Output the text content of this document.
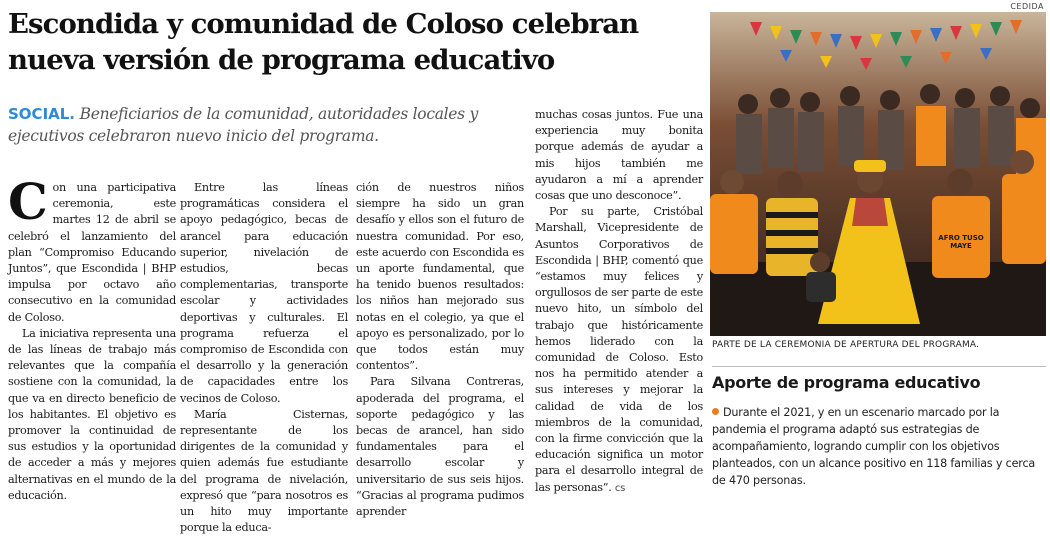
CEDIDA
Escondida y comunidad de Coloso celebran nueva versión de programa educativo
SOCIAL. Beneficiarios de la comunidad, autoridades locales y ejecutivos celebraron nuevo inicio del programa.

Con una participativa ceremonia, este martes 12 de abril se celebró el lanzamiento del plan “Compromiso Educando Juntos”, que Escondida | BHP impulsa por octavo año consecutivo en la comunidad de Coloso.

La iniciativa representa una de las líneas de trabajo más relevantes que la compañía sostiene con la comunidad, la que va en directo beneficio de los habitantes. El objetivo es promover la continuidad de sus estudios y la oportunidad de acceder a más y mejores alternativas en el mundo de la educación.

Entre las líneas programáticas considera el apoyo pedagógico, becas de arancel para educación superior, nivelación de estudios, becas complementarias, transporte escolar y actividades deportivas y culturales. El programa refuerza el compromiso de Escondida con el desarrollo y la generación de capacidades entre los vecinos de Coloso.

María Cisternas, representante de los dirigentes de la comunidad y quien además fue estudiante del programa de nivelación, expresó que “para nosotros es un hito muy importante porque la educa-

ción de nuestros niños siempre ha sido un gran desafío y ellos son el futuro de nuestra comunidad. Por eso, este acuerdo con Escondida es un aporte fundamental, que ha tenido buenos resultados: los niños han mejorado sus notas en el colegio, ya que el apoyo es personalizado, por lo que todos están muy contentos”.

Para Silvana Contreras, apoderada del programa, el soporte pedagógico y las becas de arancel, han sido fundamentales para el desarrollo escolar y universitario de sus seis hijos. “Gracias al programa pudimos aprender

muchas cosas juntos. Fue una experiencia muy bonita porque además de ayudar a mis hijos también me ayudaron a mí a aprender cosas que uno desconoce”.

Por su parte, Cristóbal Marshall, Vicepresidente de Asuntos Corporativos de Escondida | BHP, comentó que “estamos muy felices y orgullosos de ser parte de este nuevo hito, un símbolo del trabajo que históricamente hemos liderado con la comunidad de Coloso. Esto nos ha permitido atender a sus intereses y mejorar la calidad de vida de los miembros de la comunidad, con la firme convicción que la educación significa un motor para el desarrollo integral de las personas”. cs

AFRO TUSO MAYE
PARTE DE LA CEREMONIA DE APERTURA DEL PROGRAMA.
Aporte de programa educativo
Durante el 2021, y en un escenario marcado por la pandemia el programa adaptó sus estrategias de acompañamiento, logrando cumplir con los objetivos planteados, con un alcance positivo en 118 familias y cerca de 470 personas.
